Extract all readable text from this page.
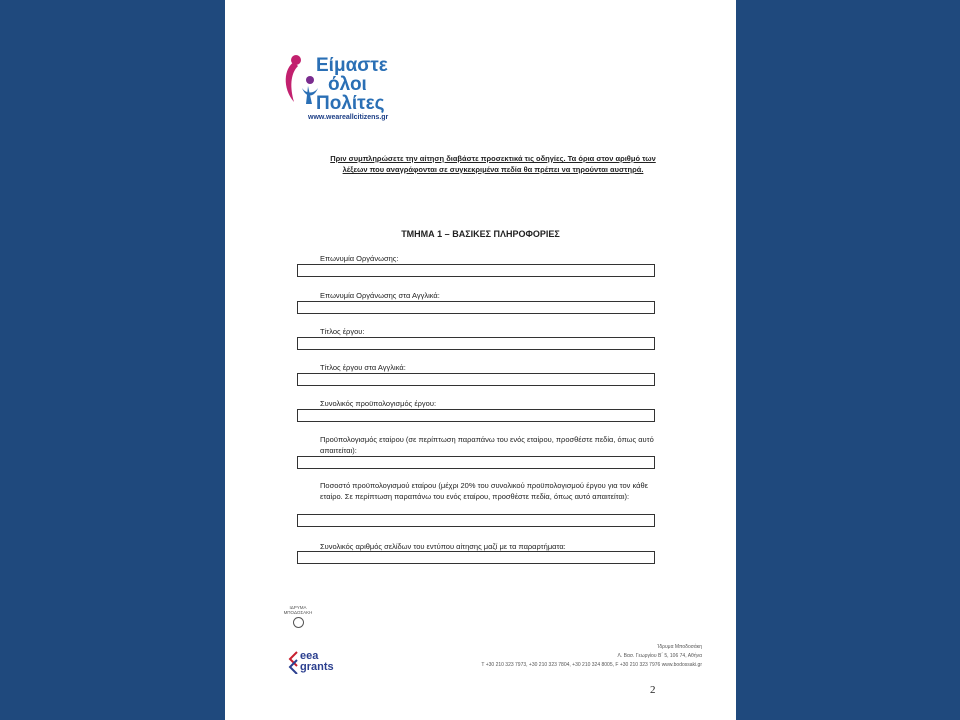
Είμαστε
όλοι
Πολίτες
www.weareallcitizens.gr
Πριν συμπληρώσετε την αίτηση διαβάστε προσεκτικά τις οδηγίες. Τα όρια στον αριθμό των λέξεων που αναγράφονται σε συγκεκριμένα πεδία θα πρέπει να τηρούνται αυστηρά.
ΤΜΗΜΑ 1 – ΒΑΣΙΚΕΣ ΠΛΗΡΟΦΟΡΙΕΣ
Επωνυμία Οργάνωσης:
Επωνυμία Οργάνωσης στα Αγγλικά:
Τίτλος έργου:
Τίτλος έργου στα Αγγλικά:
Συνολικός προϋπολογισμός έργου:
Προϋπολογισμός εταίρου (σε περίπτωση παραπάνω του ενός εταίρου, προσθέστε πεδία, όπως αυτό απαιτείται):
Ποσοστό προϋπολογισμού εταίρου (μέχρι 20% του συνολικού προϋπολογισμού έργου για τον κάθε εταίρο. Σε περίπτωση παραπάνω του ενός εταίρου, προσθέστε πεδία, όπως αυτό απαιτείται):
Συνολικός αριθμός σελίδων του εντύπου αίτησης μαζί με τα παραρτήματα:
ΙΔΡΥΜΑ ΜΠΟΔΟΣΑΚΗ
eea
grants
Ίδρυμα Μποδοσάκη
Λ. Βασ. Γεωργίου Β΄ 5, 106 74, Αθήνα
T +30 210 323 7973, +30 210 323 7804, +30 210 324 8005, F +30 210 323 7976 www.bodossaki.gr
2
